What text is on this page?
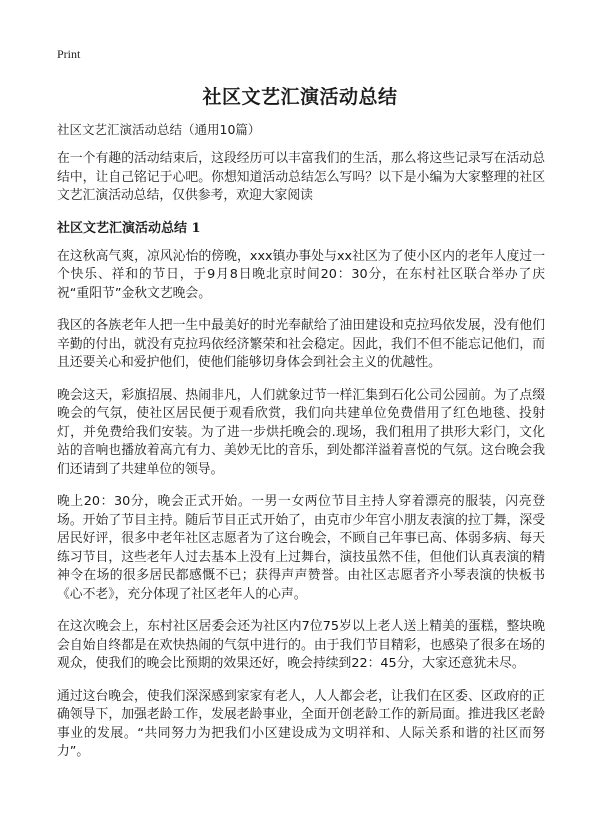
Print
社区文艺汇演活动总结
社区文艺汇演活动总结（通用10篇）

在一个有趣的活动结束后，这段经历可以丰富我们的生活，那么将这些记录写在活动总结中，让自己铭记于心吧。你想知道活动总结怎么写吗？以下是小编为大家整理的社区文艺汇演活动总结，仅供参考，欢迎大家阅读

社区文艺汇演活动总结 1

在这秋高气爽，凉风沁怡的傍晚，xxx镇办事处与xx社区为了使小区内的老年人度过一个快乐、祥和的节日，于9月8日晚北京时间20：30分，在东村社区联合举办了庆祝“重阳节”金秋文艺晚会。

我区的各族老年人把一生中最美好的时光奉献给了油田建设和克拉玛依发展，没有他们辛勤的付出，就没有克拉玛依经济繁荣和社会稳定。因此，我们不但不能忘记他们，而且还要关心和爱护他们，使他们能够切身体会到社会主义的优越性。

晚会这天，彩旗招展、热闹非凡，人们就象过节一样汇集到石化公司公园前。为了点缀晚会的气氛，使社区居民便于观看欣赏，我们向共建单位免费借用了红色地毯、投射灯，并免费给我们安装。为了进一步烘托晚会的.现场，我们租用了拱形大彩门，文化站的音响也播放着高亢有力、美妙无比的音乐，到处都洋溢着喜悦的气氛。这台晚会我们还请到了共建单位的领导。

晚上20：30分，晚会正式开始。一男一女两位节目主持人穿着漂亮的服装，闪亮登场。开始了节目主持。随后节目正式开始了，由克市少年宫小朋友表演的拉丁舞，深受居民好评，很多中老年社区志愿者为了这台晚会，不顾自己年事已高、体弱多病、每天练习节目，这些老年人过去基本上没有上过舞台，演技虽然不佳，但他们认真表演的精神令在场的很多居民都感慨不已；获得声声赞誉。由社区志愿者齐小琴表演的快板书《心不老》，充分体现了社区老年人的心声。

在这次晚会上，东村社区居委会还为社区内7位75岁以上老人送上精美的蛋糕，整块晚会自始自终都是在欢快热闹的气氛中进行的。由于我们节目精彩，也感染了很多在场的观众，使我们的晚会比预期的效果还好，晚会持续到22：45分，大家还意犹未尽。

通过这台晚会，使我们深深感到家家有老人，人人都会老，让我们在区委、区政府的正确领导下，加强老龄工作，发展老龄事业，全面开创老龄工作的新局面。推进我区老龄事业的发展。“共同努力为把我们小区建设成为文明祥和、人际关系和谐的社区而努力”。
